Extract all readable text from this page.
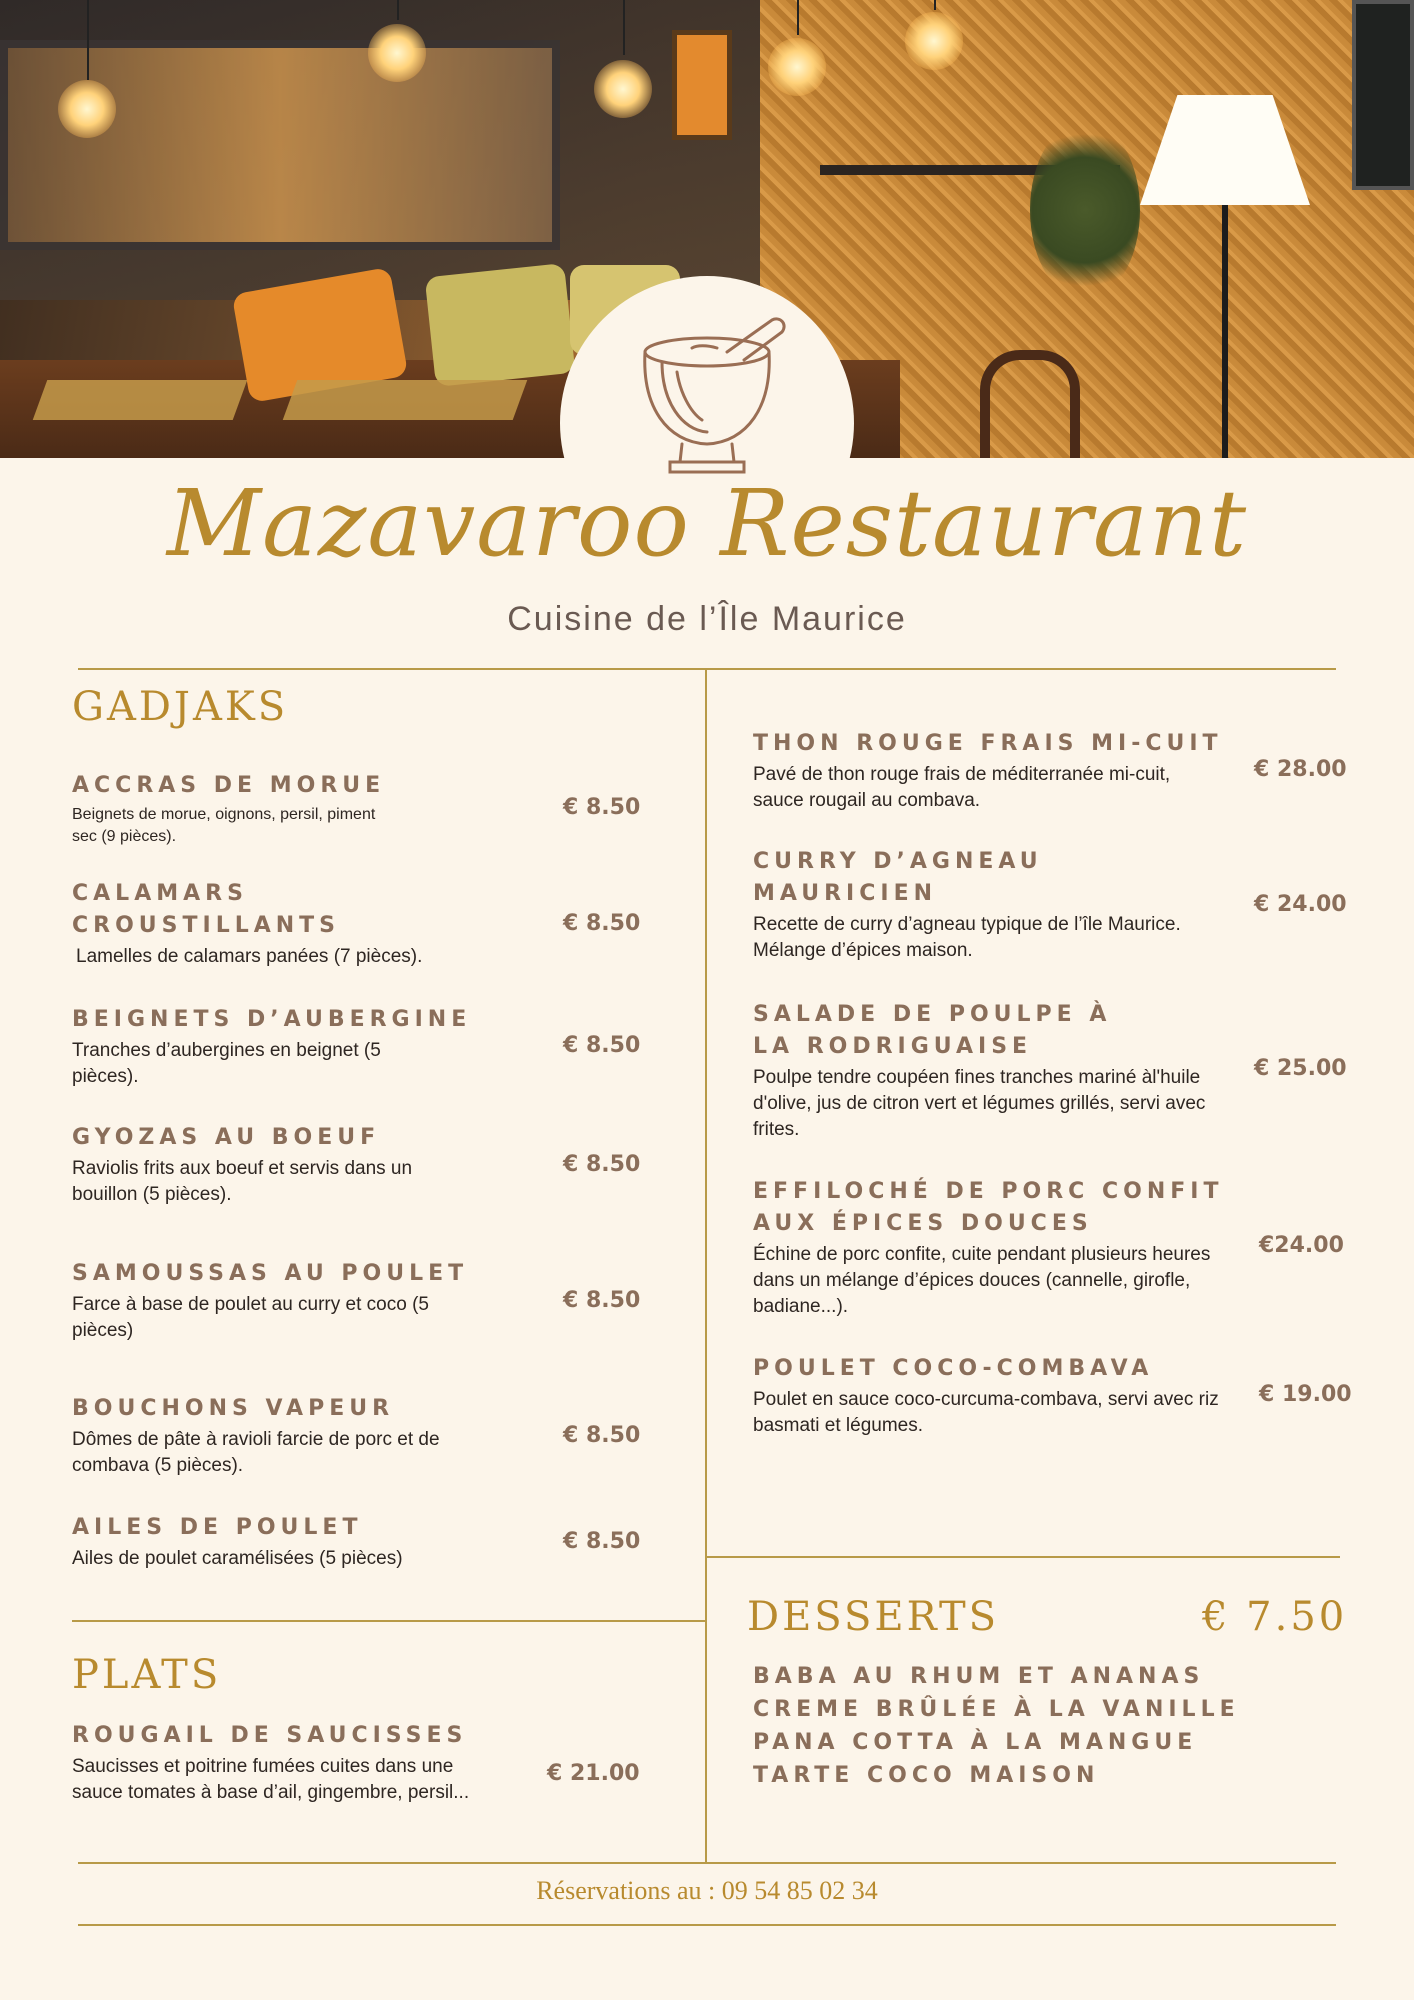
Mazavaroo Restaurant
Cuisine de l’Île Maurice
GADJAKS
ACCRAS DE MORUE
Beignets de morue, oignons, persil, piment sec (9 pièces).
€ 8.50
CALAMARS CROUSTILLANTS
Lamelles de calamars panées (7 pièces).
€ 8.50
BEIGNETS D’AUBERGINE
Tranches d’aubergines en beignet (5 pièces).
€ 8.50
GYOZAS AU BOEUF
Raviolis frits aux boeuf et servis dans un bouillon (5 pièces).
€ 8.50
SAMOUSSAS AU POULET
Farce à base de poulet au curry et coco (5 pièces)
€ 8.50
BOUCHONS VAPEUR
Dômes de pâte à ravioli farcie de porc et de combava (5 pièces).
€ 8.50
AILES DE POULET
Ailes de poulet caramélisées (5 pièces)
€ 8.50
PLATS
ROUGAIL DE SAUCISSES
Saucisses et poitrine fumées cuites dans une sauce tomates à base d’ail, gingembre, persil...
€ 21.00
THON ROUGE FRAIS MI-CUIT
Pavé de thon rouge frais de méditerranée mi-cuit, sauce rougail au combava.
€ 28.00
CURRY D’AGNEAU MAURICIEN
Recette de curry d’agneau typique de l’île Maurice. Mélange d’épices maison.
€ 24.00
SALADE DE POULPE À LA RODRIGUAISE
Poulpe tendre coupéen fines tranches mariné àl'huile d'olive, jus de citron vert et légumes grillés, servi avec frites.
€ 25.00
EFFILOCHÉ DE PORC CONFIT AUX ÉPICES DOUCES
Échine de porc confite, cuite pendant plusieurs heures dans un mélange d’épices douces (cannelle, girofle, badiane...).
€24.00
POULET COCO-COMBAVA
Poulet en sauce coco-curcuma-combava, servi avec riz basmati et légumes.
€ 19.00
DESSERTS	€ 7.50
BABA AU RHUM ET ANANAS
CREME BRÛLÉE À LA VANILLE
PANA COTTA À LA MANGUE
TARTE COCO MAISON
Réservations au : 09 54 85 02 34
